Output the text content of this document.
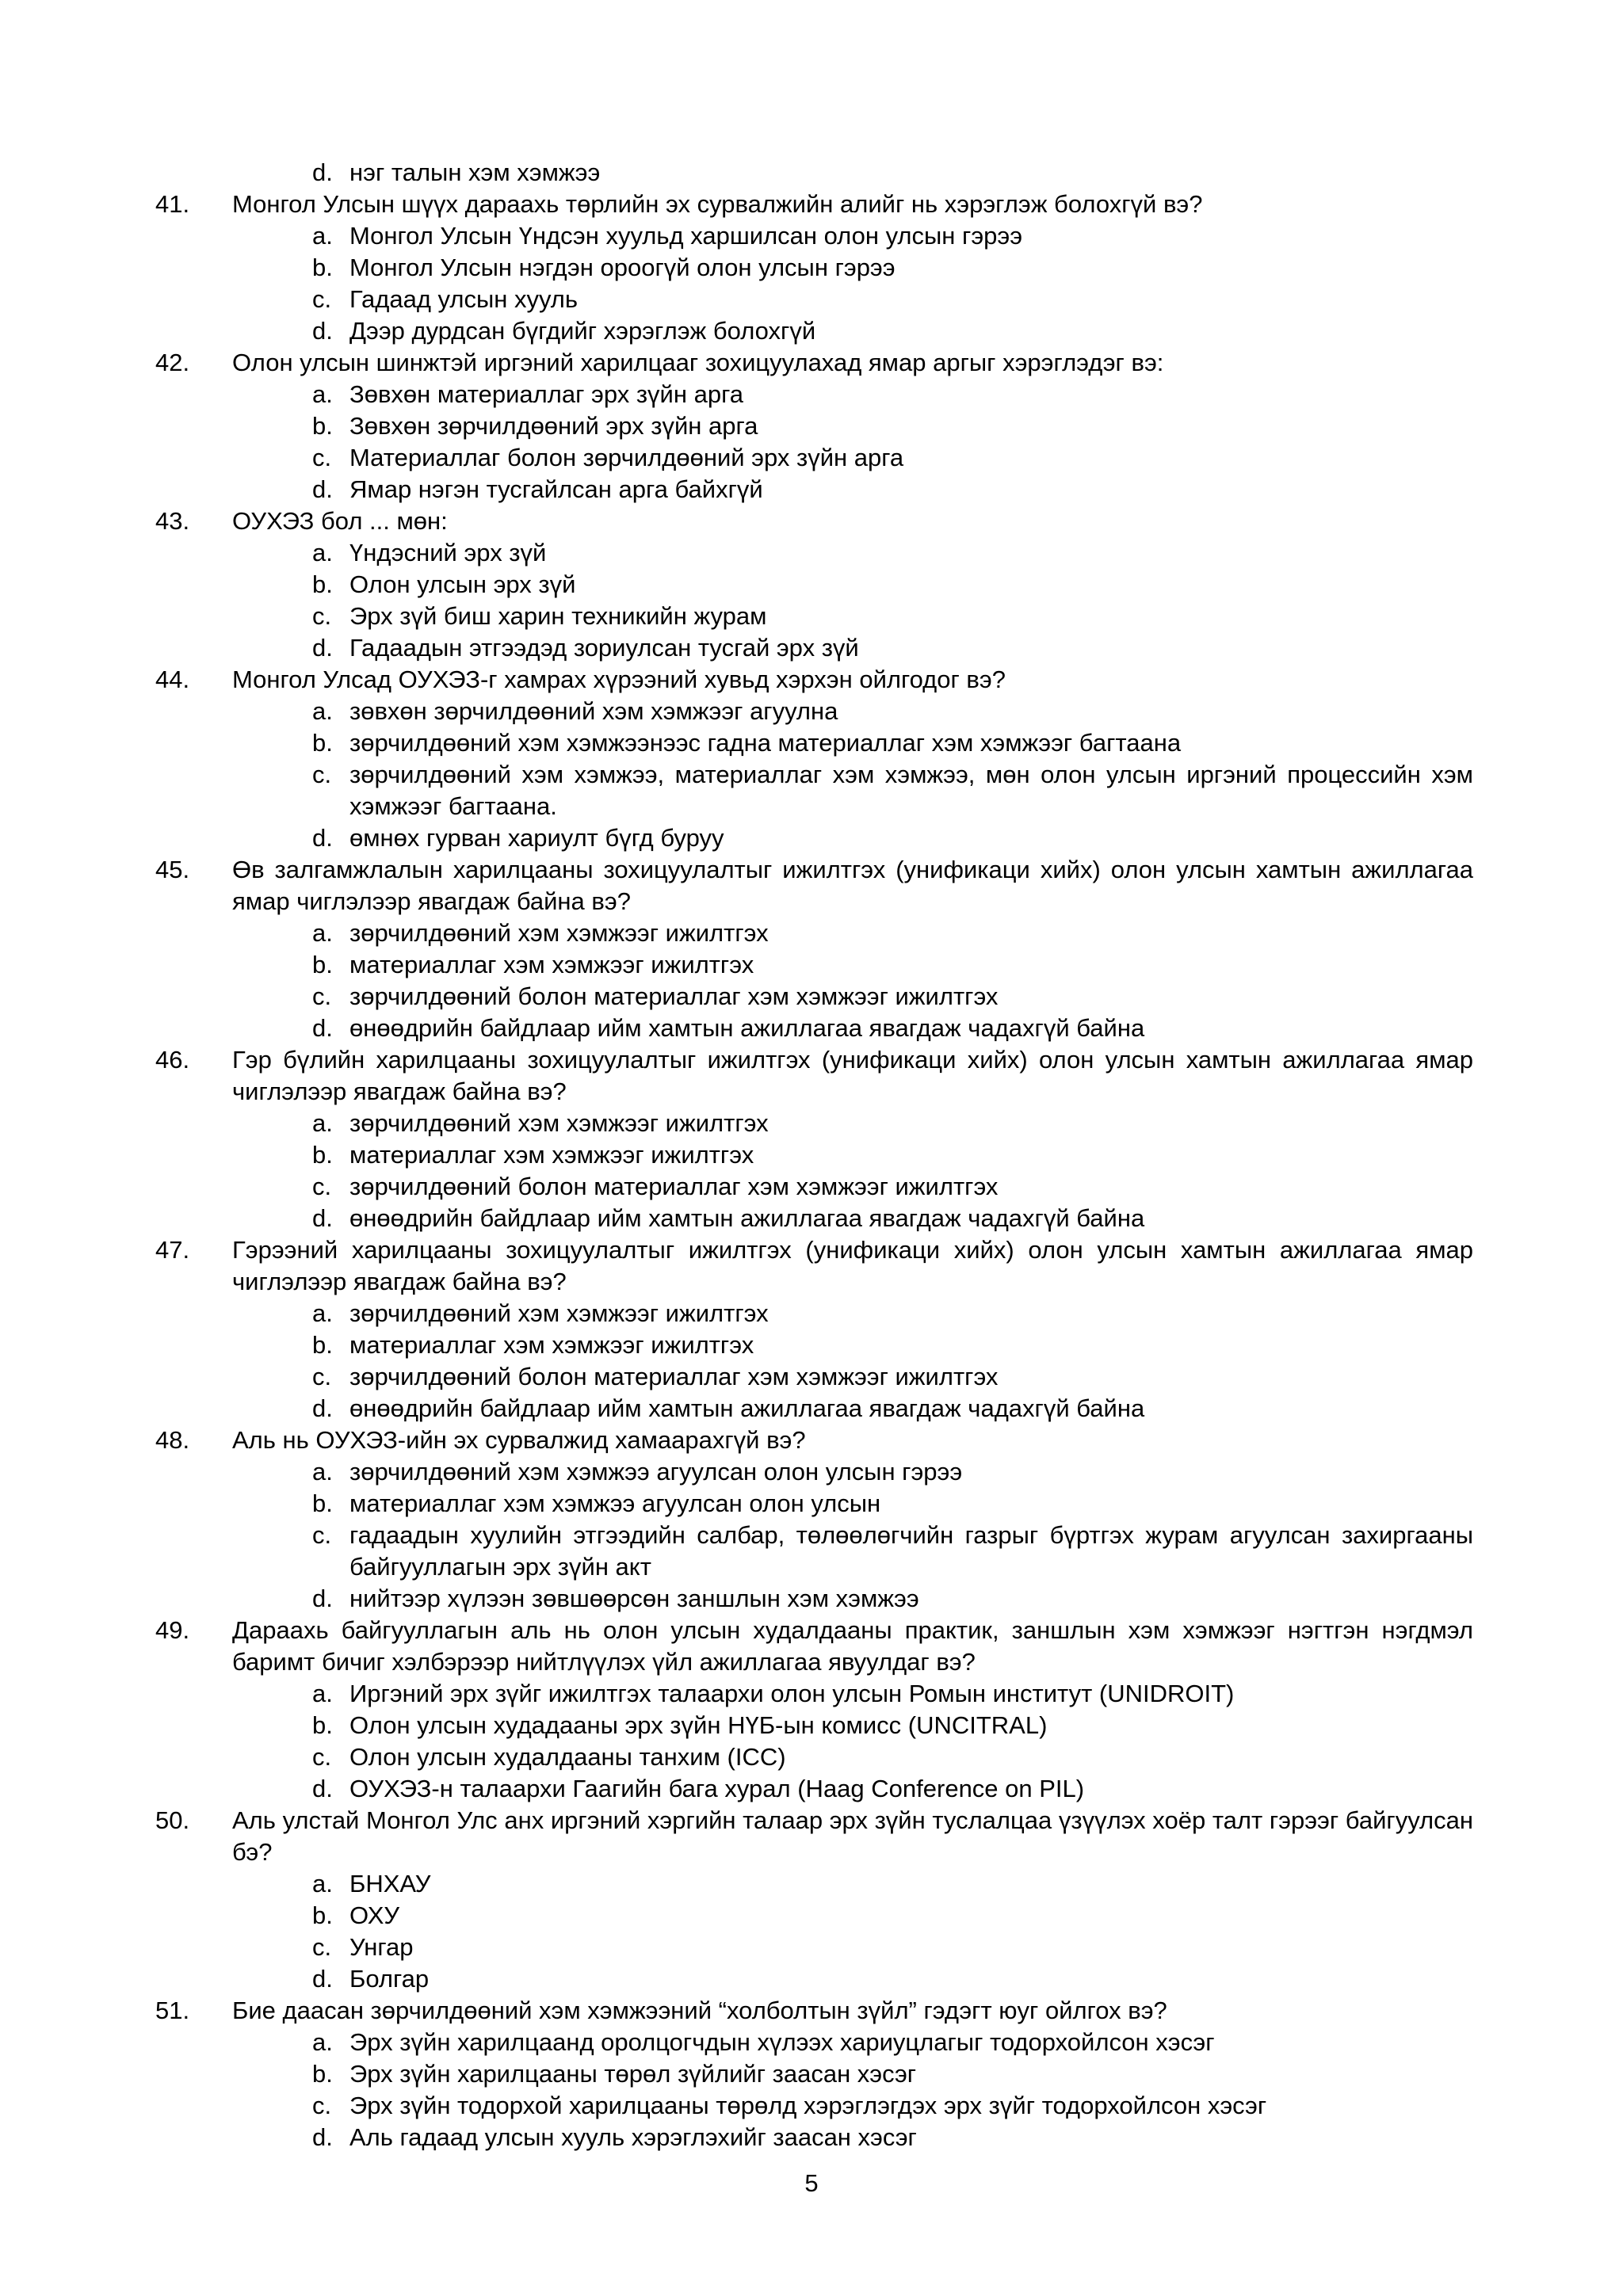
d. нэг талын хэм хэмжээ
41. Монгол Улсын шүүх дараахь төрлийн эх сурвалжийн алийг нь хэрэглэж болохгүй вэ?
a. Монгол Улсын Үндсэн хуульд харшилсан олон улсын гэрээ
b. Монгол Улсын нэгдэн ороогүй олон улсын гэрээ
c. Гадаад улсын хууль
d. Дээр дурдсан бүгдийг хэрэглэж болохгүй
42. Олон улсын шинжтэй иргэний харилцааг зохицуулахад ямар аргыг хэрэглэдэг вэ:
a. Зөвхөн материаллаг эрх зүйн арга
b. Зөвхөн зөрчилдөөний эрх зүйн арга
c. Материаллаг болон зөрчилдөөний эрх зүйн арга
d. Ямар нэгэн тусгайлсан арга байхгүй
43. ОУХЭЗ бол ... мөн:
a. Үндэсний эрх зүй
b. Олон улсын эрх зүй
c. Эрх зүй биш харин техникийн журам
d. Гадаадын этгээдэд зориулсан тусгай эрх зүй
44. Монгол Улсад ОУХЭЗ-г хамрах хүрээний хувьд хэрхэн ойлгодог вэ?
a. зөвхөн зөрчилдөөний хэм хэмжээг агуулна
b. зөрчилдөөний хэм хэмжээнээс гадна материаллаг хэм хэмжээг багтаана
c. зөрчилдөөний хэм хэмжээ, материаллаг хэм хэмжээ, мөн олон улсын иргэний процессийн хэм хэмжээг багтаана.
d. өмнөх гурван хариулт бүгд буруу
45. Өв залгамжлалын харилцааны зохицуулалтыг ижилтгэх (унификаци хийх) олон улсын хамтын ажиллагаа ямар чиглэлээр явагдаж байна вэ?
a. зөрчилдөөний хэм хэмжээг ижилтгэх
b. материаллаг хэм хэмжээг ижилтгэх
c. зөрчилдөөний болон материаллаг хэм хэмжээг ижилтгэх
d. өнөөдрийн байдлаар ийм хамтын ажиллагаа явагдаж чадахгүй байна
46. Гэр бүлийн харилцааны зохицуулалтыг ижилтгэх (унификаци хийх) олон улсын хамтын ажиллагаа ямар чиглэлээр явагдаж байна вэ?
a. зөрчилдөөний хэм хэмжээг ижилтгэх
b. материаллаг хэм хэмжээг ижилтгэх
c. зөрчилдөөний болон материаллаг хэм хэмжээг ижилтгэх
d. өнөөдрийн байдлаар ийм хамтын ажиллагаа явагдаж чадахгүй байна
47. Гэрээний харилцааны зохицуулалтыг ижилтгэх (унификаци хийх) олон улсын хамтын ажиллагаа ямар чиглэлээр явагдаж байна вэ?
a. зөрчилдөөний хэм хэмжээг ижилтгэх
b. материаллаг хэм хэмжээг ижилтгэх
c. зөрчилдөөний болон материаллаг хэм хэмжээг ижилтгэх
d. өнөөдрийн байдлаар ийм хамтын ажиллагаа явагдаж чадахгүй байна
48. Аль нь ОУХЭЗ-ийн эх сурвалжид хамаарахгүй вэ?
a. зөрчилдөөний хэм хэмжээ агуулсан олон улсын гэрээ
b. материаллаг хэм хэмжээ агуулсан олон улсын
c. гадаадын хуулийн этгээдийн салбар, төлөөлөгчийн газрыг бүртгэх журам агуулсан захиргааны байгууллагын эрх зүйн акт
d. нийтээр хүлээн зөвшөөрсөн заншлын хэм хэмжээ
49. Дараахь байгууллагын аль нь олон улсын худалдааны практик, заншлын хэм хэмжээг нэгтгэн нэгдмэл баримт бичиг хэлбэрээр нийтлүүлэх үйл ажиллагаа явуулдаг вэ?
a. Иргэний эрх зүйг ижилтгэх талаархи олон улсын Ромын институт (UNIDROIT)
b. Олон улсын худадааны эрх зүйн НҮБ-ын комисс (UNCITRAL)
c. Олон улсын худалдааны танхим (ICC)
d. ОУХЭЗ-н талаархи Гаагийн бага хурал (Haag Conference on PIL)
50. Аль улстай Монгол Улс анх иргэний хэргийн талаар эрх зүйн туслалцаа үзүүлэх хоёр талт гэрээг байгуулсан бэ?
a. БНХАУ
b. ОХУ
c. Унгар
d. Болгар
51. Бие даасан зөрчилдөөний хэм хэмжээний “холболтын зүйл” гэдэгт юуг ойлгох вэ?
a. Эрх зүйн харилцаанд оролцогчдын хүлээх хариуцлагыг тодорхойлсон хэсэг
b. Эрх зүйн харилцааны төрөл зүйлийг заасан хэсэг
c. Эрх зүйн тодорхой харилцааны төрөлд хэрэглэгдэх эрх зүйг тодорхойлсон хэсэг
d. Аль гадаад улсын хууль хэрэглэхийг заасан хэсэг
5
